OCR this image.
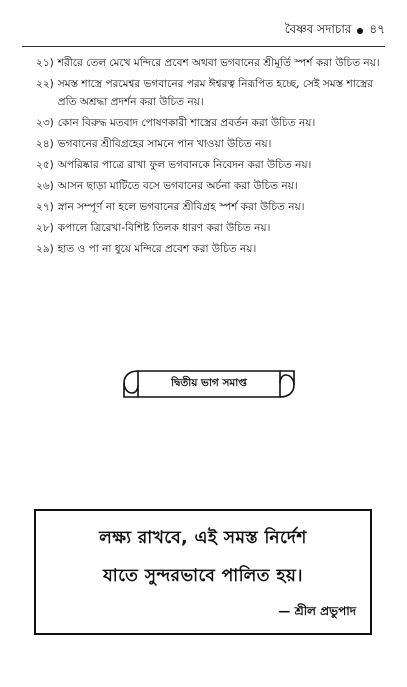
বৈষ্ণব সদাচার ৪৭
২১) শরীরে তেল মেখে মন্দিরে প্রবেশ অথবা ভগবানের শ্রীমূর্তি স্পর্শ করা উচিত নয়।
২২) সমস্ত শাস্ত্রে পরমেশ্বর ভগবানের পরম ঈশ্বরত্ব নিরূপিত হচ্ছে, সেই সমস্ত শাস্ত্রের প্রতি অশ্রদ্ধা প্রদর্শন করা উচিত নয়।
২৩) কোন বিরুদ্ধ মতবাদ পোষণকারী শাস্ত্রের প্রবর্তন করা উচিত নয়।
২৪) ভগবানের শ্রীবিগ্রহের সামনে পান খাওয়া উচিত নয়।
২৫) অপরিষ্কার পাত্রে রাখা ফুল ভগবানকে নিবেদন করা উচিত নয়।
২৬) আসন ছাড়া মাটিতে বসে ভগবানের অর্চনা করা উচিত নয়।
২৭) স্নান সম্পূর্ণ না হলে ভগবানের শ্রীবিগ্রহ স্পর্শ করা উচিত নয়।
২৮) কপালে ত্রিরেখা-বিশিষ্ট তিলক ধারণ করা উচিত নয়।
২৯) হাত ও পা না ধুয়ে মন্দিরে প্রবেশ করা উচিত নয়।
দ্বিতীয় ভাগ সমাপ্ত
লক্ষ্য রাখবে, এই সমস্ত নির্দেশ
যাতে সুন্দরভাবে পালিত হয়।
— শ্রীল প্রভুপাদ
